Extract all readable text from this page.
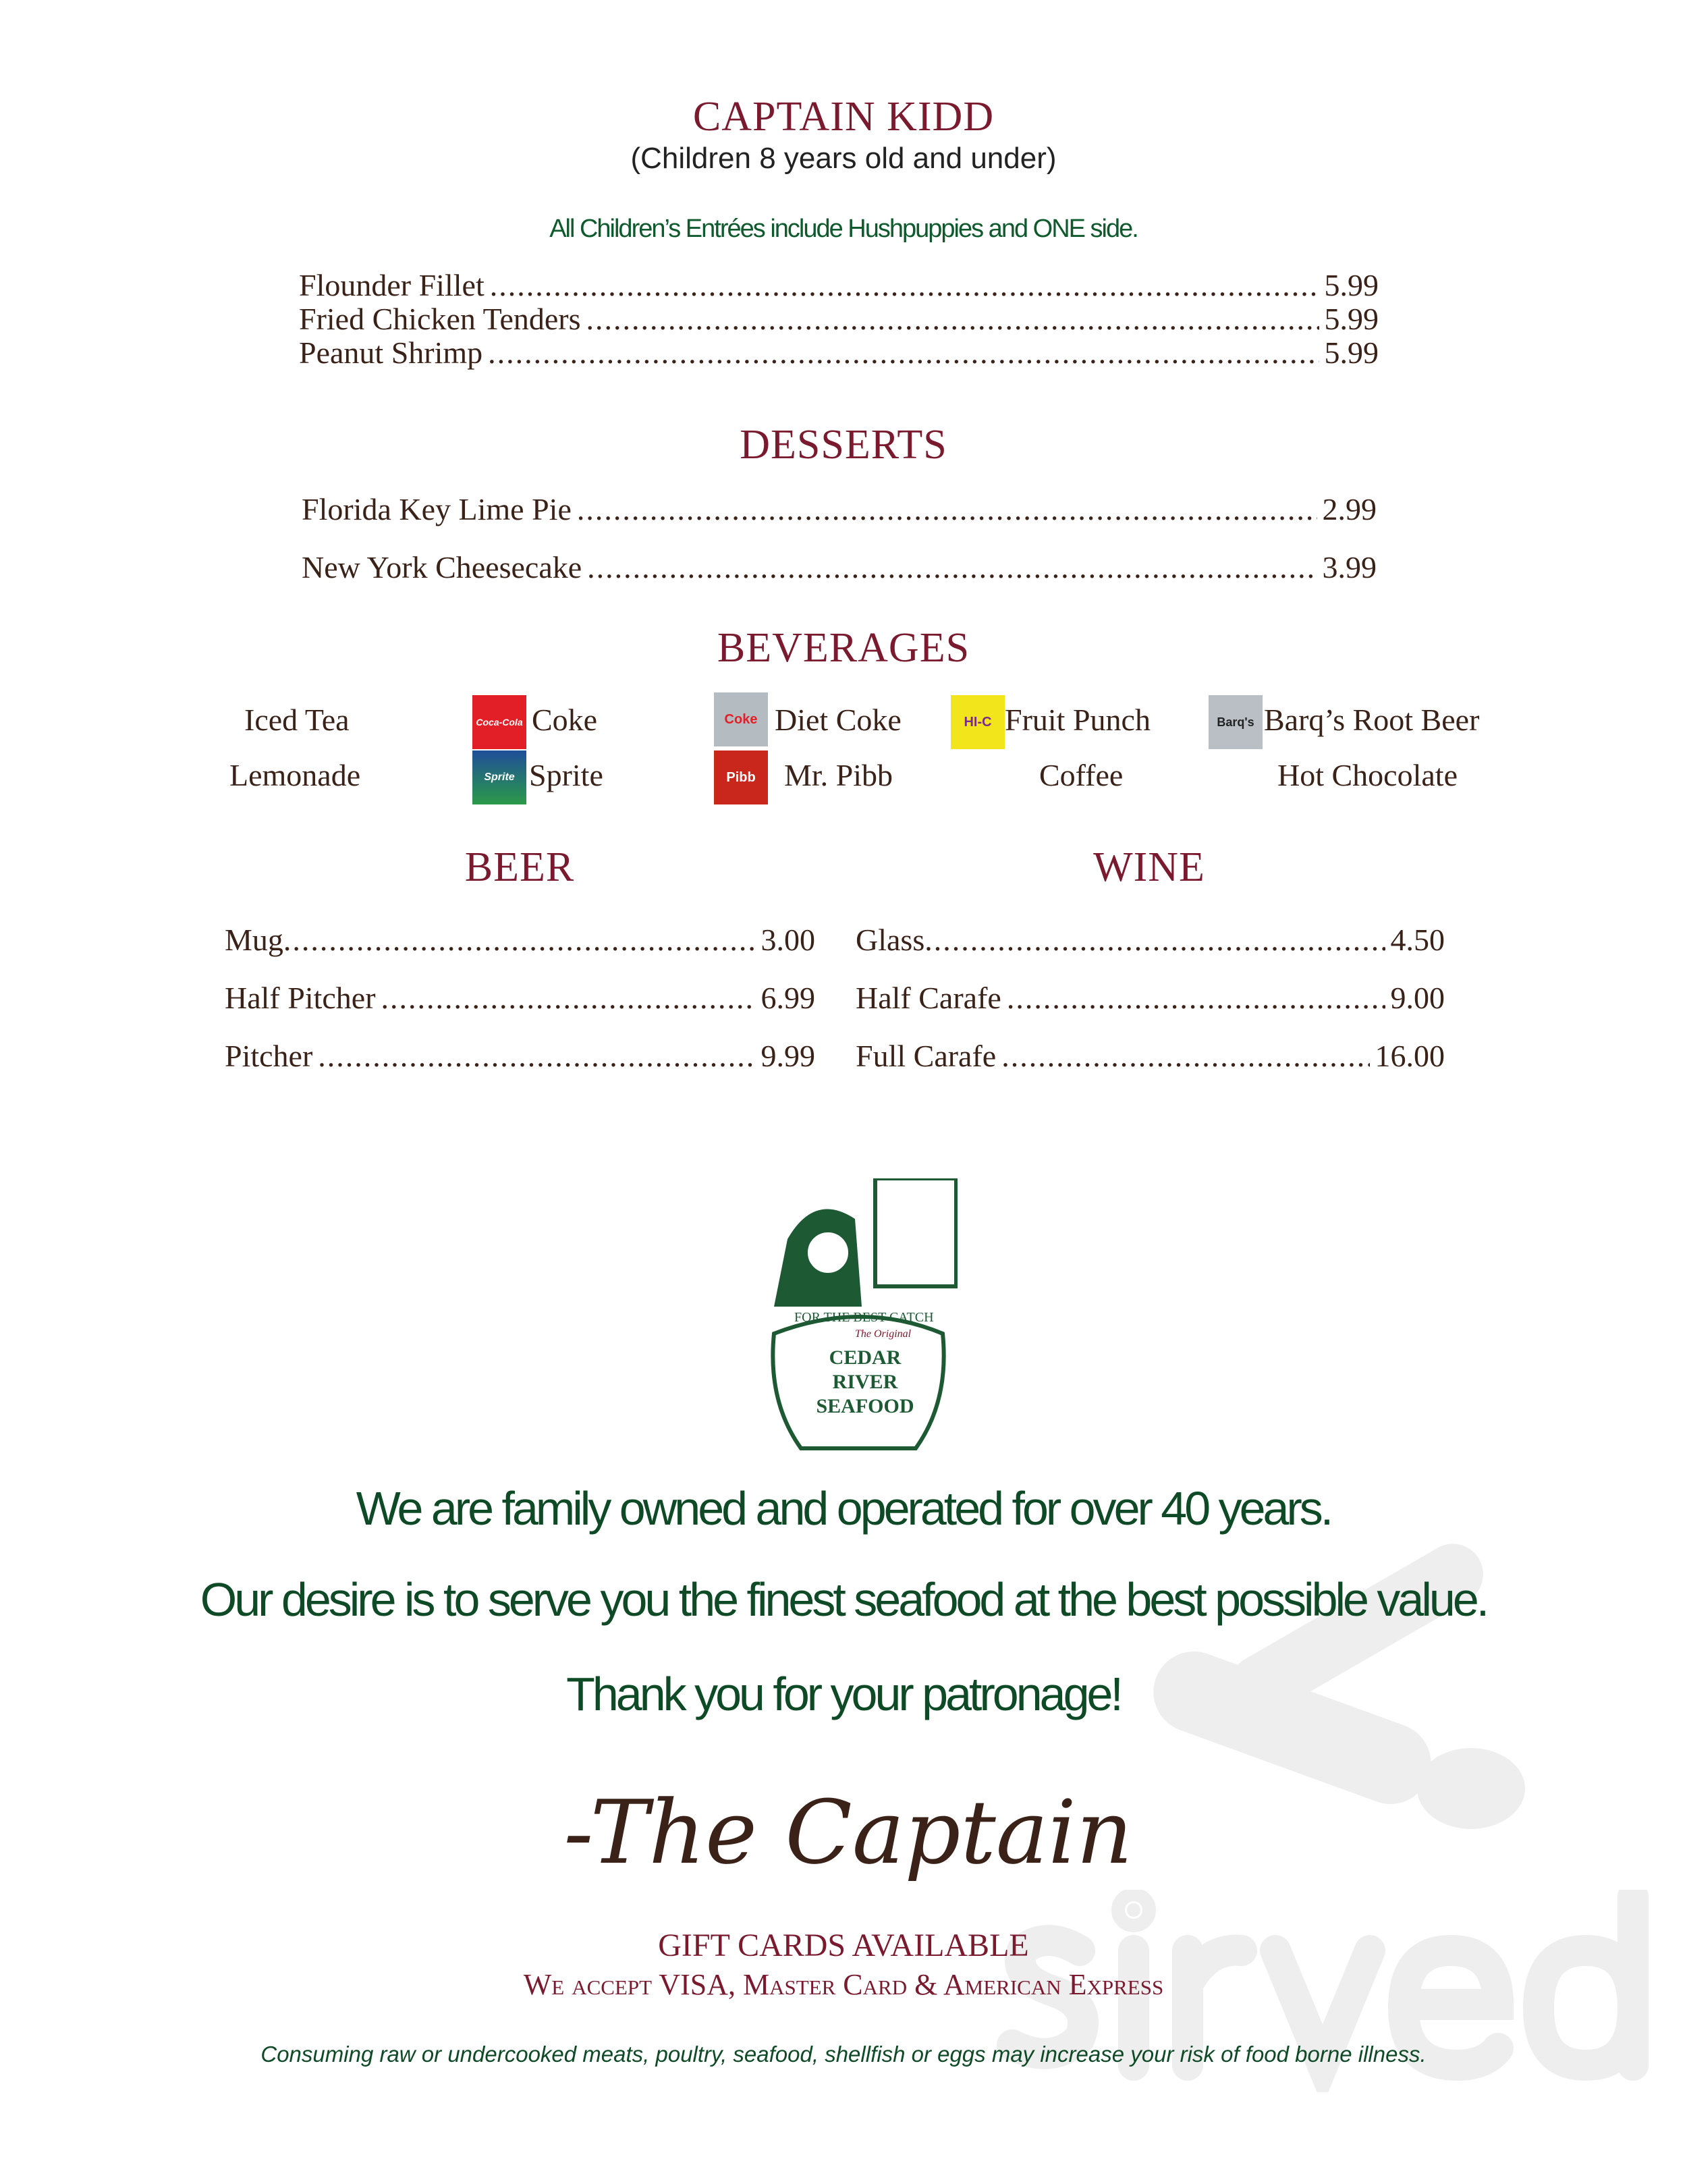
CAPTAIN KIDD
(Children 8 years old and under)
All Children’s Entrées include Hushpuppies and ONE side.
Flounder Fillet .....	5.99
Fried Chicken Tenders .....	5.99
Peanut Shrimp .....	5.99
DESSERTS
Florida Key Lime Pie .....	2.99
New York Cheesecake .....	3.99
BEVERAGES
Iced Tea	Coca-Cola Coke	Coke Diet Coke	HI-C Fruit Punch	Barq's Barq’s Root Beer
Lemonade	Sprite Sprite	Pibb Mr. Pibb	Coffee	Hot Chocolate
BEER	WINE
Mug .....	3.00
Half Pitcher .....	6.99
Pitcher .....	9.99
Glass .....	4.50
Half Carafe .....	9.00
Full Carafe .....	16.00
FOR THE BEST CATCH
The Original
CEDAR RIVER SEAFOOD
We are family owned and operated for over 40 years.
Our desire is to serve you the finest seafood at the best possible value.
Thank you for your patronage!
-The Captain
GIFT CARDS AVAILABLE
We accept VISA, Master Card & American Express
Consuming raw or undercooked meats, poultry, seafood, shellfish or eggs may increase your risk of food borne illness.
